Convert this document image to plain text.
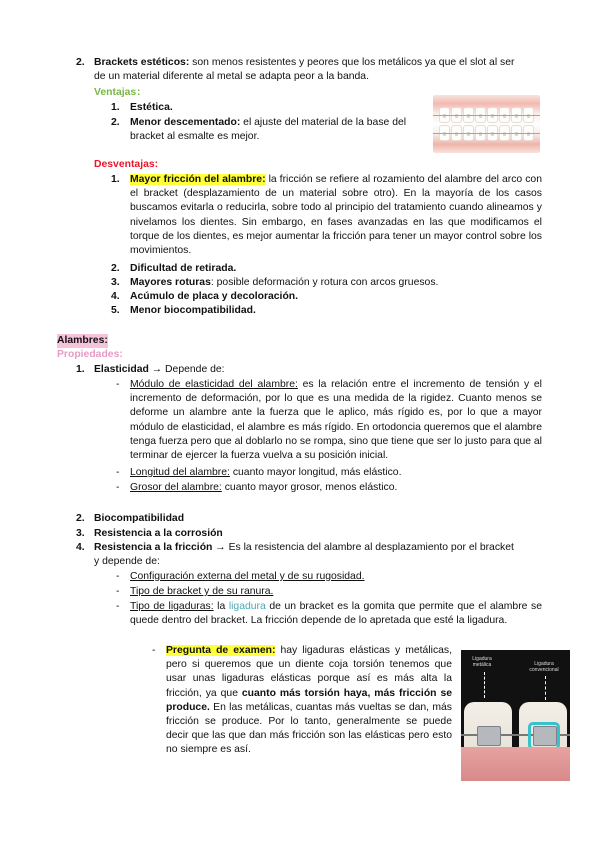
2. Brackets estéticos: son menos resistentes y peores que los metálicos ya que el slot al ser
de un material diferente al metal se adapta peor a la banda.
Ventajas :
1. Estética.
2. Menor descementado: el ajuste del material de la base del
bracket al esmalte es mejor.
Desventajas:
1. Mayor fricción del alambre: la fricción se refiere al rozamiento del alambre del arco con el bracket (desplazamiento de un material sobre otro). En la mayoría de los casos buscamos evitarla o reducirla, sobre todo al principio del tratamiento cuando alineamos y nivelamos los dientes. Sin embargo, en fases avanzadas en las que modificamos el torque de los dientes, es mejor aumentar la fricción para tener un mayor control sobre los movimientos.
2. Dificultad de retirada.
3. Mayores roturas: posible deformación y rotura con arcos gruesos.
4. Acúmulo de placa y decoloración.
5. Menor biocompatibilidad.
Alambres:
Propiedades:
1. Elasticidad → Depende de:
- Módulo de elasticidad del alambre: es la relación entre el incremento de tensión y el incremento de deformación, por lo que es una medida de la rigidez. Cuanto menos se deforme un alambre ante la fuerza que le aplico, más rígido es, por lo que a mayor módulo de elasticidad, el alambre es más rígido. En ortodoncia queremos que el alambre tenga fuerza pero que al doblarlo no se rompa, sino que tiene que ser lo justo para que al terminar de ejercer la fuerza vuelva a su posición inicial.
- Longitud del alambre: cuanto mayor longitud, más elástico.
- Grosor del alambre: cuanto mayor grosor, menos elástico.
2. Biocompatibilidad
3. Resistencia a la corrosión
4. Resistencia a la fricción → Es la resistencia del alambre al desplazamiento por el bracket
y depende de:
- Configuración externa del metal y de su rugosidad.
- Tipo de bracket y de su ranura.
- Tipo de ligaduras: la ligadura de un bracket es la gomita que permite que el alambre se quede dentro del bracket. La fricción depende de lo apretada que esté la ligadura.
- Pregunta de examen: hay ligaduras elásticas y metálicas, pero si queremos que un diente coja torsión tenemos que usar unas ligaduras elásticas porque así es más alta la fricción, ya que cuanto más torsión haya, más fricción se produce. En las metálicas, cuantas más vueltas se dan, más fricción se produce. Por lo tanto, generalmente se puede decir que las que dan más fricción son las elásticas pero esto no siempre es así.
Ligadura metálica	Ligadura convencional
